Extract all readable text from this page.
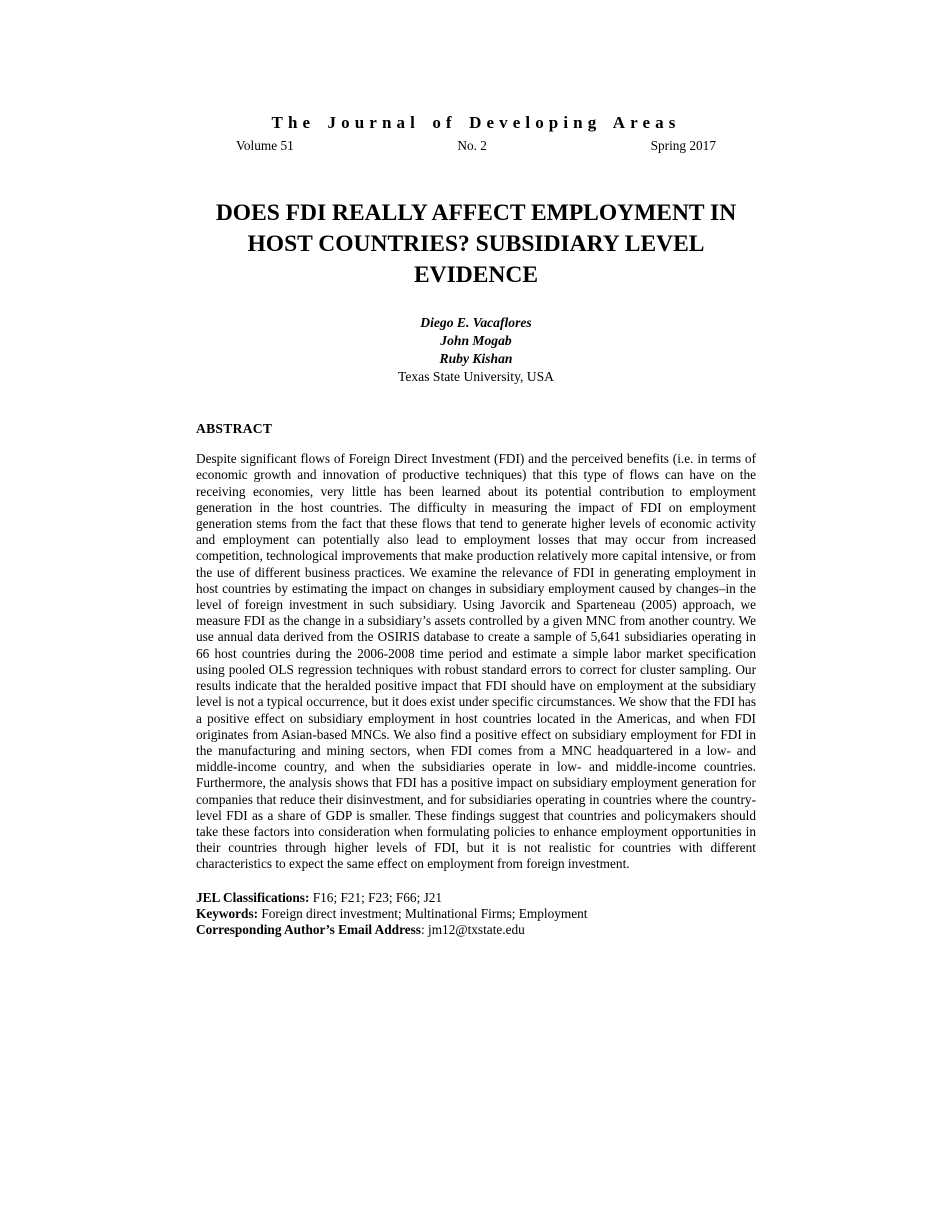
The Journal of Developing Areas
Volume 51	No. 2	Spring 2017
DOES FDI REALLY AFFECT EMPLOYMENT IN
HOST COUNTRIES? SUBSIDIARY LEVEL
EVIDENCE
Diego E. Vacaflores
John Mogab
Ruby Kishan
Texas State University, USA
ABSTRACT

Despite significant flows of Foreign Direct Investment (FDI) and the perceived benefits (i.e. in terms of economic growth and innovation of productive techniques) that this type of flows can have on the receiving economies, very little has been learned about its potential contribution to employment generation in the host countries. The difficulty in measuring the impact of FDI on employment generation stems from the fact that these flows that tend to generate higher levels of economic activity and employment can potentially also lead to employment losses that may occur from increased competition, technological improvements that make production relatively more capital intensive, or from the use of different business practices. We examine the relevance of FDI in generating employment in host countries by estimating the impact on changes in subsidiary employment caused by changes–in the level of foreign investment in such subsidiary. Using Javorcik and Sparteneau (2005) approach, we measure FDI as the change in a subsidiary’s assets controlled by a given MNC from another country. We use annual data derived from the OSIRIS database to create a sample of 5,641 subsidiaries operating in 66 host countries during the 2006-2008 time period and estimate a simple labor market specification using pooled OLS regression techniques with robust standard errors to correct for cluster sampling. Our results indicate that the heralded positive impact that FDI should have on employment at the subsidiary level is not a typical occurrence, but it does exist under specific circumstances. We show that the FDI has a positive effect on subsidiary employment in host countries located in the Americas, and when FDI originates from Asian-based MNCs. We also find a positive effect on subsidiary employment for FDI in the manufacturing and mining sectors, when FDI comes from a MNC headquartered in a low- and middle-income country, and when the subsidiaries operate in low- and middle-income countries. Furthermore, the analysis shows that FDI has a positive impact on subsidiary employment generation for companies that reduce their disinvestment, and for subsidiaries operating in countries where the country-level FDI as a share of GDP is smaller. These findings suggest that countries and policymakers should take these factors into consideration when formulating policies to enhance employment opportunities in their countries through higher levels of FDI, but it is not realistic for countries with different characteristics to expect the same effect on employment from foreign investment.

JEL Classifications: F16; F21; F23; F66; J21

Keywords: Foreign direct investment; Multinational Firms; Employment

Corresponding Author’s Email Address: jm12@txstate.edu
